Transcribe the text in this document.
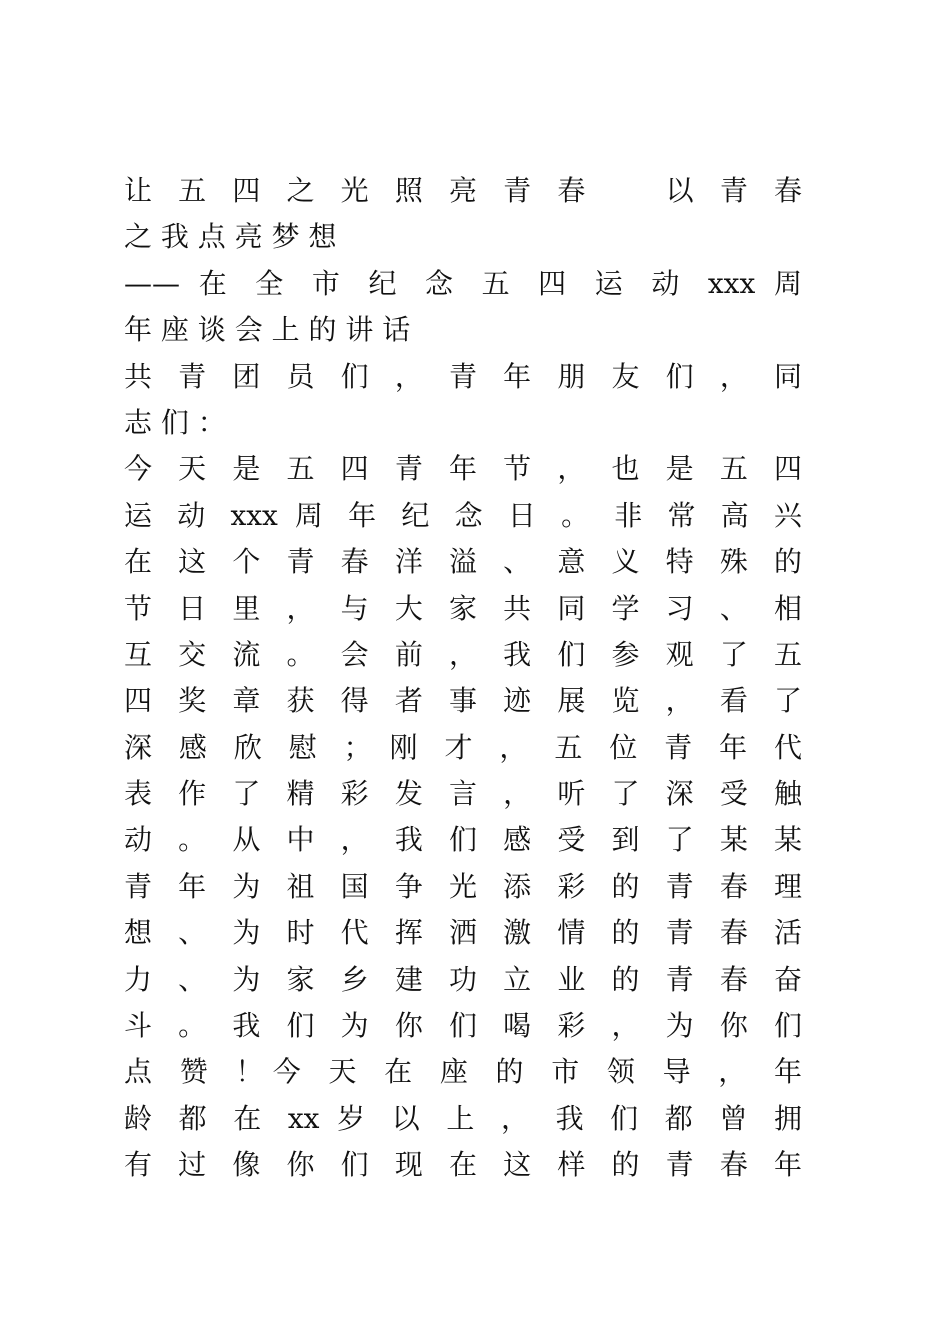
让 五 四 之 光 照 亮 青 春 　 以 青 春
之 我 点 亮 梦 想
—— 在 全 市 纪 念 五 四 运 动 xxx 周
年 座 谈 会 上 的 讲 话
共 青 团 员 们 ， 青 年 朋 友 们 ， 同
志 们 ：
今 天 是 五 四 青 年 节 ， 也 是 五 四
运 动 xxx 周 年 纪 念 日 。 非 常 高 兴
在 这 个 青 春 洋 溢 、 意 义 特 殊 的
节 日 里 ， 与 大 家 共 同 学 习 、 相
互 交 流 。 会 前 ， 我 们 参 观 了 五
四 奖 章 获 得 者 事 迹 展 览 ， 看 了
深 感 欣 慰 ； 刚 才 ， 五 位 青 年 代
表 作 了 精 彩 发 言 ， 听 了 深 受 触
动 。 从 中 ， 我 们 感 受 到 了 某 某
青 年 为 祖 国 争 光 添 彩 的 青 春 理
想 、 为 时 代 挥 洒 激 情 的 青 春 活
力 、 为 家 乡 建 功 立 业 的 青 春 奋
斗 。 我 们 为 你 们 喝 彩 ， 为 你 们
点 赞 ！今 天 在 座 的 市 领 导 ， 年
龄 都 在 xx 岁 以 上 ， 我 们 都 曾 拥
有 过 像 你 们 现 在 这 样 的 青 春 年
